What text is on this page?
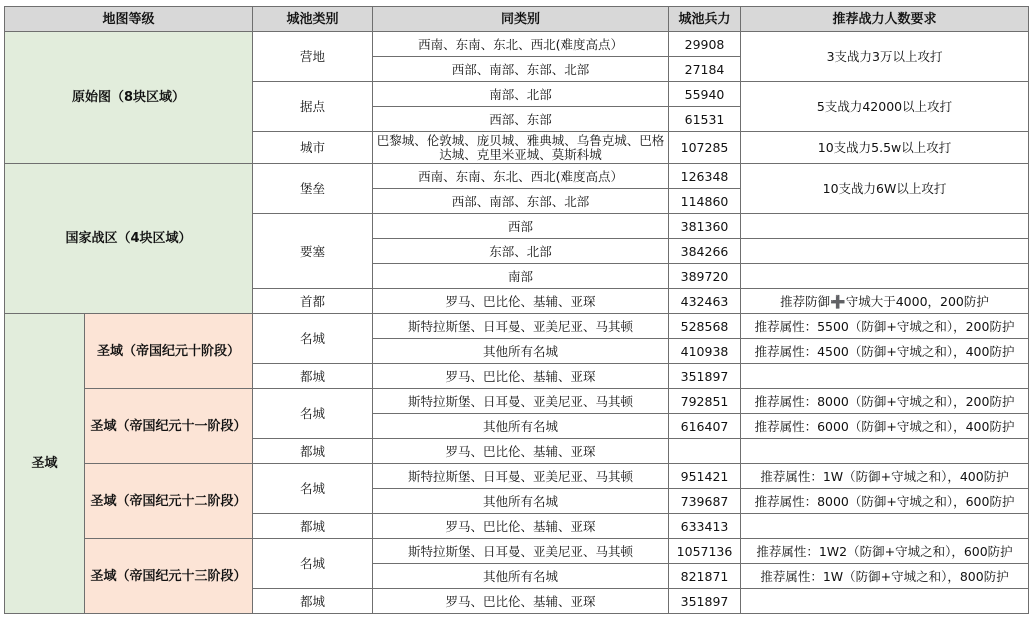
地图等级		城池类别	同类别	城池兵力	推荐战力人数要求
原始图（8块区域）		营地	西南、东南、东北、西北(难度高点）	29908	3支战力3万以上攻打
			西部、南部、东部、北部	27184	
		据点	南部、北部	55940	5支战力42000以上攻打
			西部、东部	61531	
		城市	巴黎城、伦敦城、庞贝城、雅典城、乌鲁克城、巴格达城、克里米亚城、莫斯科城	107285	10支战力5.5w以上攻打
国家战区（4块区域）		堡垒	西南、东南、东北、西北(难度高点）	126348	10支战力6W以上攻打
			西部、南部、东部、北部	114860	
		要塞	西部	381360	
			东部、北部	384266	
			南部	389720	
		首都	罗马、巴比伦、基辅、亚琛	432463	推荐防御➕守城大于4000，200防护
圣域	圣域（帝国纪元十阶段）	名城	斯特拉斯堡、日耳曼、亚美尼亚、马其顿	528568	推荐属性：5500（防御+守城之和），200防护
			其他所有名城	410938	推荐属性：4500（防御+守城之和），400防护
		都城	罗马、巴比伦、基辅、亚琛	351897	
	圣域（帝国纪元十一阶段）	名城	斯特拉斯堡、日耳曼、亚美尼亚、马其顿	792851	推荐属性：8000（防御+守城之和），200防护
			其他所有名城	616407	推荐属性：6000（防御+守城之和），400防护
		都城	罗马、巴比伦、基辅、亚琛		
	圣域（帝国纪元十二阶段）	名城	斯特拉斯堡、日耳曼、亚美尼亚、马其顿	951421	推荐属性：1W（防御+守城之和），400防护
			其他所有名城	739687	推荐属性：8000（防御+守城之和），600防护
		都城	罗马、巴比伦、基辅、亚琛	633413	
	圣域（帝国纪元十三阶段）	名城	斯特拉斯堡、日耳曼、亚美尼亚、马其顿	1057136	推荐属性：1W2（防御+守城之和），600防护
			其他所有名城	821871	推荐属性：1W（防御+守城之和），800防护
		都城	罗马、巴比伦、基辅、亚琛	351897	
